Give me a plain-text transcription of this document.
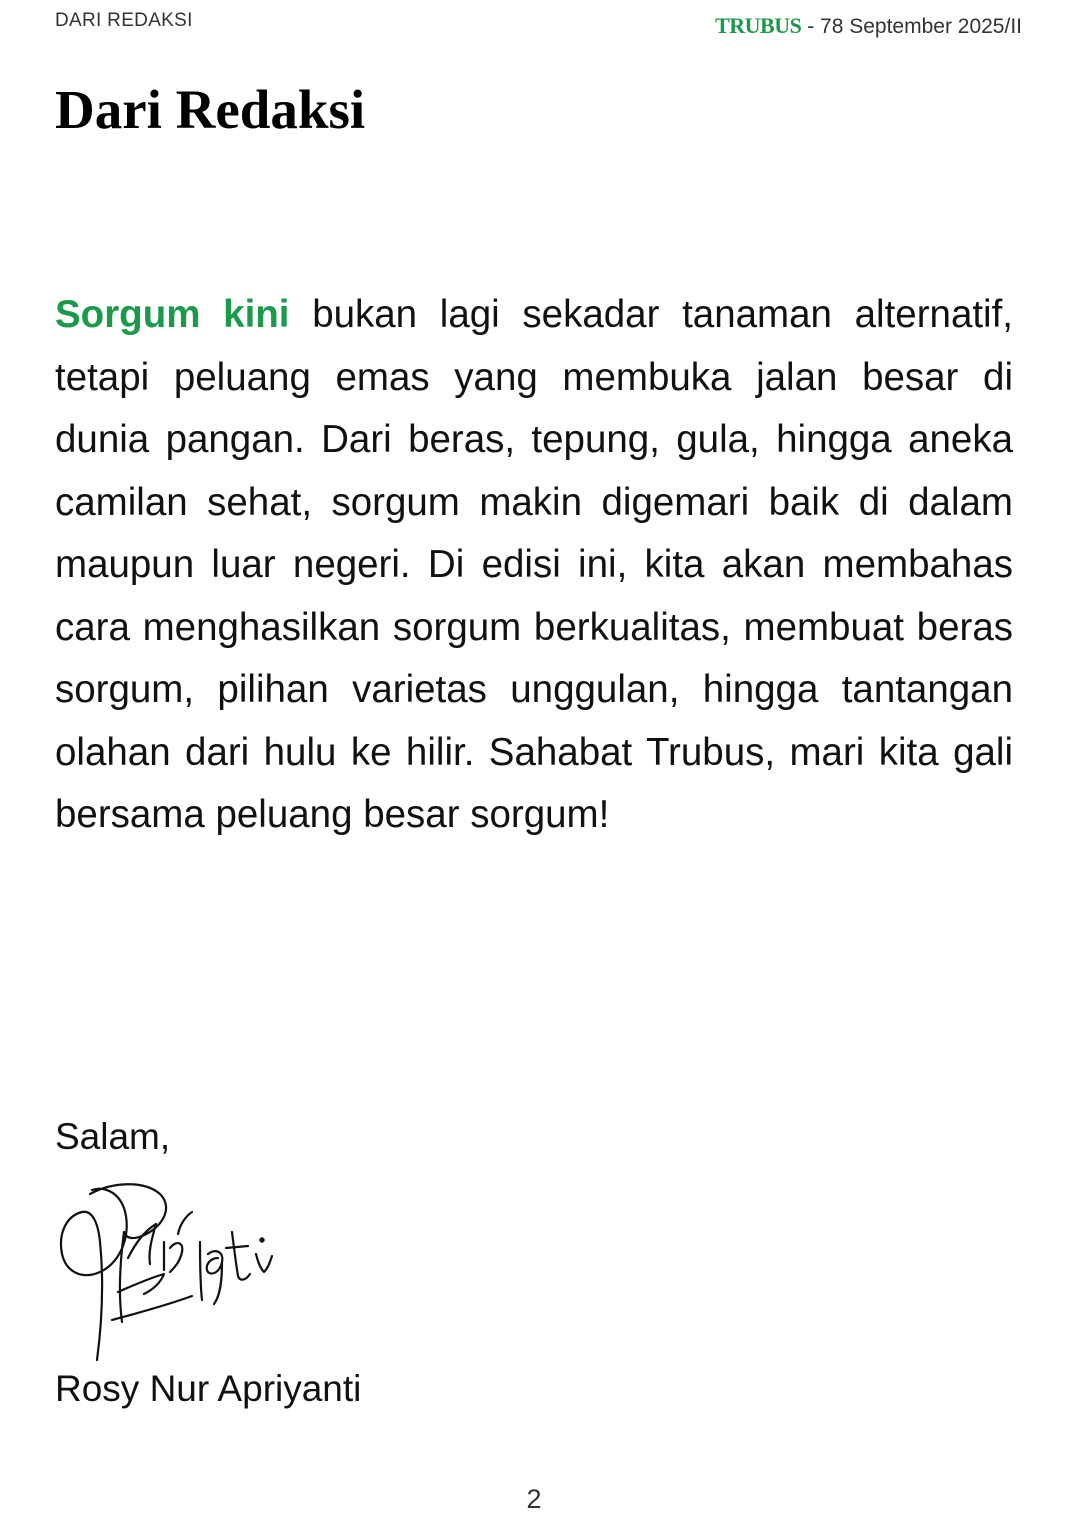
DARI REDAKSI	TRUBUS - 78 September 2025/II
Dari Redaksi

Sorgum kini bukan lagi sekadar tanaman alternatif, tetapi peluang emas yang membuka jalan besar di dunia pangan. Dari beras, tepung, gula, hingga aneka camilan sehat, sorgum makin digemari baik di dalam maupun luar negeri. Di edisi ini, kita akan membahas cara menghasilkan sorgum berkualitas, membuat beras sorgum, pilihan varietas unggulan, hingga tantangan olahan dari hulu ke hilir. Sahabat Trubus, mari kita gali bersama peluang besar sorgum!

Salam,
Rosy Nur Apriyanti
2
